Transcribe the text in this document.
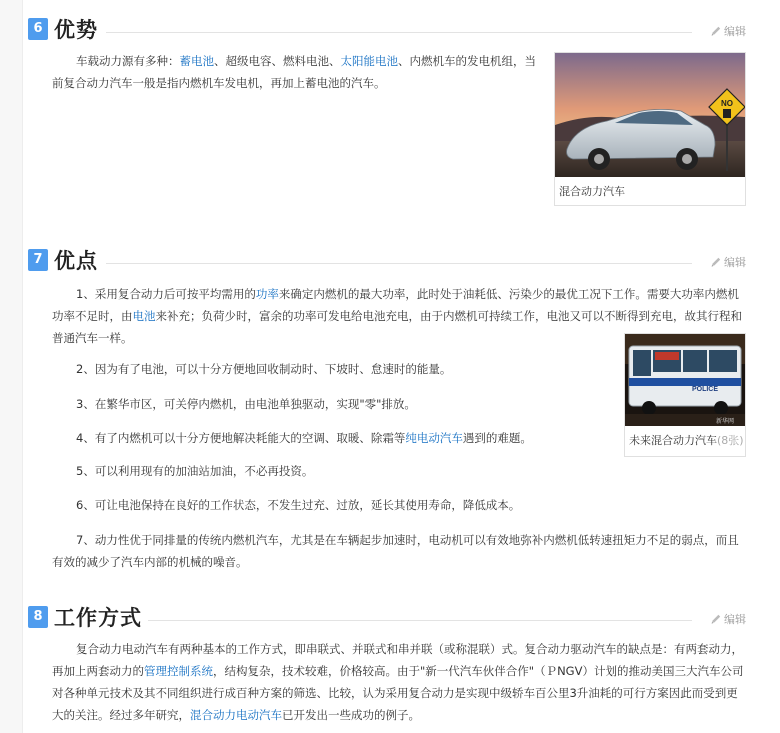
6 优势	编辑

车载动力源有多种：蓄电池、超级电容、燃料电池、太阳能电池、内燃机车的发电机组，当前复合动力汽车一般是指内燃机车发电机，再加上蓄电池的汽车。

NO
混合动力汽车
7 优点	编辑

1、采用复合动力后可按平均需用的功率来确定内燃机的最大功率，此时处于油耗低、污染少的最优工况下工作。需要大功率内燃机功率不足时，由电池来补充；负荷少时，富余的功率可发电给电池充电，由于内燃机可持续工作，电池又可以不断得到充电，故其行程和普通汽车一样。

2、因为有了电池，可以十分方便地回收制动时、下坡时、怠速时的能量。

3、在繁华市区，可关停内燃机，由电池单独驱动，实现"零"排放。

4、有了内燃机可以十分方便地解决耗能大的空调、取暖、除霜等纯电动汽车遇到的难题。

5、可以利用现有的加油站加油，不必再投资。

6、可让电池保持在良好的工作状态，不发生过充、过放，延长其使用寿命，降低成本。

7、动力性优于同排量的传统内燃机汽车，尤其是在车辆起步加速时，电动机可以有效地弥补内燃机低转速扭矩力不足的弱点，而且有效的减少了汽车内部的机械的噪音。

POLICE
新华网
未来混合动力汽车(8张)
8 工作方式	编辑

复合动力电动汽车有两种基本的工作方式，即串联式、并联式和串并联（或称混联）式。复合动力驱动汽车的缺点是：有两套动力，再加上两套动力的管理控制系统，结构复杂，技术较难，价格较高。由于"新一代汽车伙伴合作"（ＰNGV）计划的推动美国三大汽车公司对各种单元技术及其不同组织进行成百种方案的筛选、比较，认为采用复合动力是实现中级轿车百公里3升油耗的可行方案因此而受到更大的关注。经过多年研究，混合动力电动汽车已开发出一些成功的例子。
